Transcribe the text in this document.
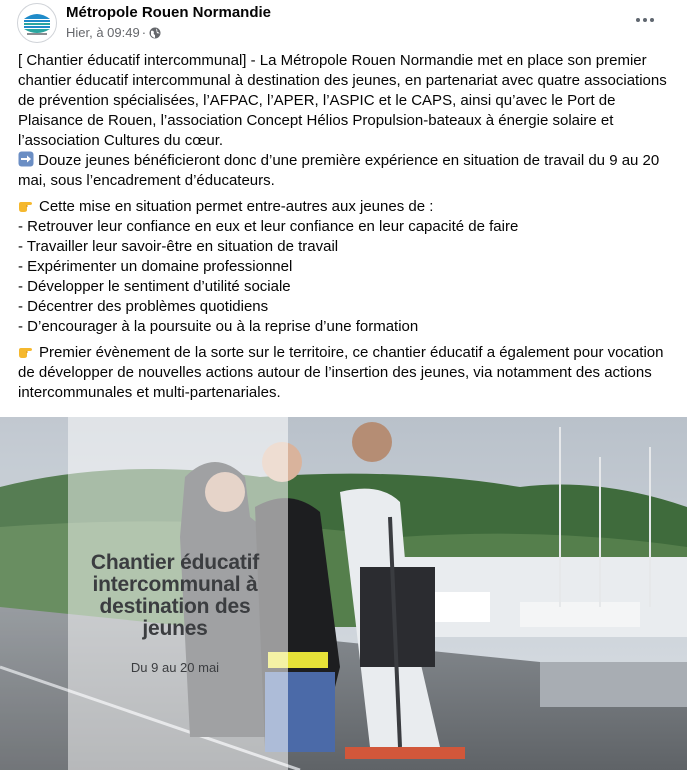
Métropole Rouen Normandie
Hier, à 09:49 ·

[ Chantier éducatif intercommunal] - La Métropole Rouen Normandie met en place son premier chantier éducatif intercommunal à destination des jeunes, en partenariat avec quatre associations de prévention spécialisées, l’AFPAC, l’APER, l’ASPIC et le CAPS, ainsi qu’avec le Port de Plaisance de Rouen, l’association Concept Hélios Propulsion-bateaux à énergie solaire et l’association Cultures du cœur.

Douze jeunes bénéficieront donc d’une première expérience en situation de travail du 9 au 20 mai, sous l’encadrement d’éducateurs.

Cette mise en situation permet entre-autres aux jeunes de :

- Retrouver leur confiance en eux et leur confiance en leur capacité de faire

- Travailler leur savoir-être en situation de travail

- Expérimenter un domaine professionnel

- Développer le sentiment d’utilité sociale

- Décentrer des problèmes quotidiens

- D’encourager à la poursuite ou à la reprise d’une formation

Premier évènement de la sorte sur le territoire, ce chantier éducatif a également pour vocation de développer de nouvelles actions autour de l’insertion des jeunes, via notamment des actions intercommunales et multi-partenariales.

Chantier éducatif intercommunal à destination des jeunes
Du 9 au 20 mai
